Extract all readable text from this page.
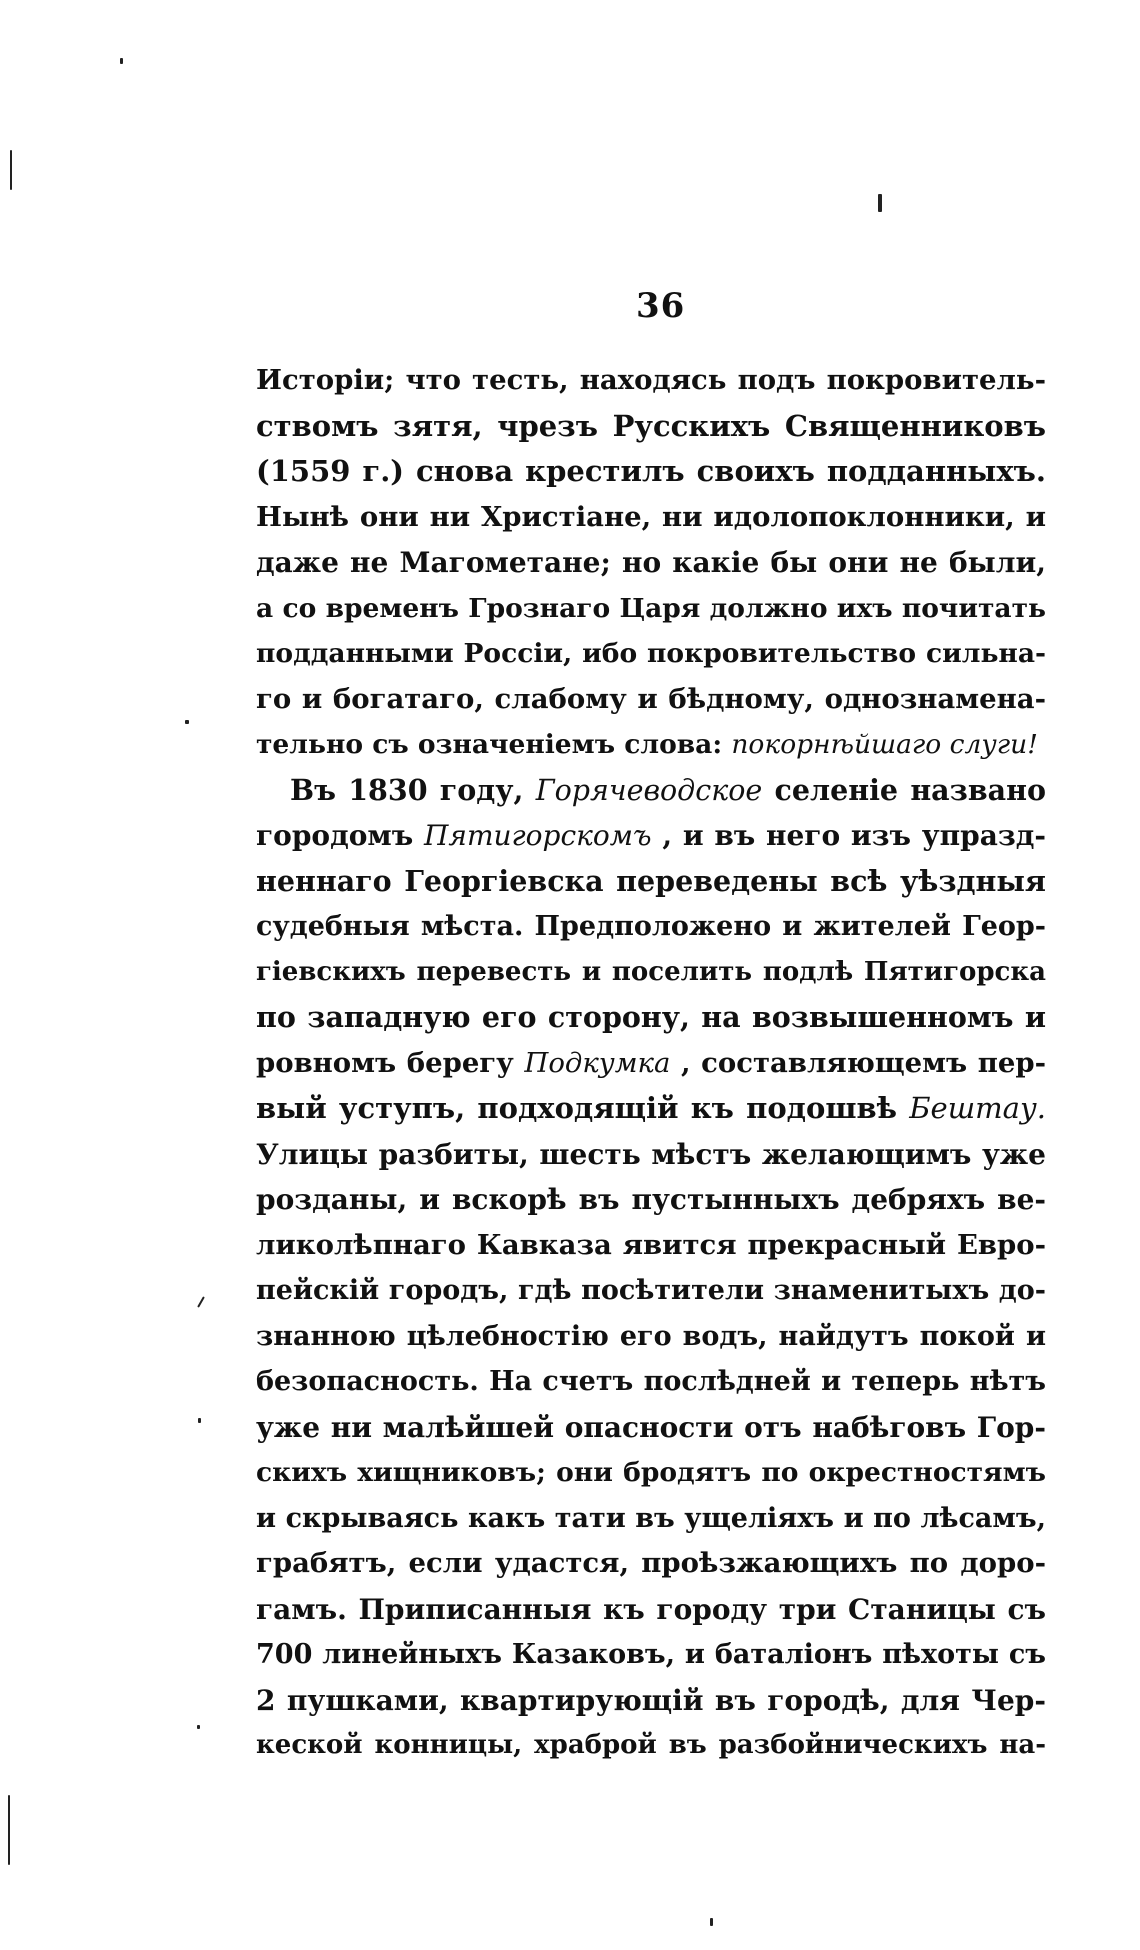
36
Исторіи; что тесть, находясь подъ покровитель-
ствомъ зятя, чрезъ Русскихъ Священниковъ
(1559 г.) снова крестилъ своихъ подданныхъ.
Нынѣ они ни Христіане, ни идолопоклонники, и
даже не Магометане; но какіе бы они не были,
а со временъ Грознаго Царя должно ихъ почитать
подданными Россіи, ибо покровительство сильна-
го и богатаго, слабому и бѣдному, однознамена-
тельно съ означеніемъ слова: покорнѣйшаго слуги!
Въ 1830 году, Горячеводское селеніе названо
городомъ Пятигорскомъ , и въ него изъ упразд-
неннаго Георгіевска переведены всѣ уѣздныя
судебныя мѣста. Предположено и жителей Геор-
гіевскихъ перевесть и поселить подлѣ Пятигорска
по западную его сторону, на возвышенномъ и
ровномъ берегу Подкумка , составляющемъ пер-
вый уступъ, подходящій къ подошвѣ Бешmау.
Улицы разбиты, шесть мѣстъ желающимъ уже
розданы, и вскорѣ въ пустынныхъ дебряхъ ве-
ликолѣпнаго Кавказа явится прекрасный Евро-
пейскій городъ, гдѣ посѣтители знаменитыхъ до-
знанною цѣлебностію его водъ, найдутъ покой и
безопасность. На счетъ послѣдней и теперь нѣтъ
уже ни малѣйшей опасности отъ набѣговъ Гор-
скихъ хищниковъ; они бродятъ по окрестностямъ
и скрываясь какъ тати въ ущеліяхъ и по лѣсамъ,
грабятъ, если удастся, проѣзжающихъ по доро-
гамъ. Приписанныя къ городу три Станицы съ
700 линейныхъ Казаковъ, и баталіонъ пѣхоты съ
2 пушками, квартирующій въ городѣ, для Чер-
кеской конницы, храброй въ разбойническихъ на-
